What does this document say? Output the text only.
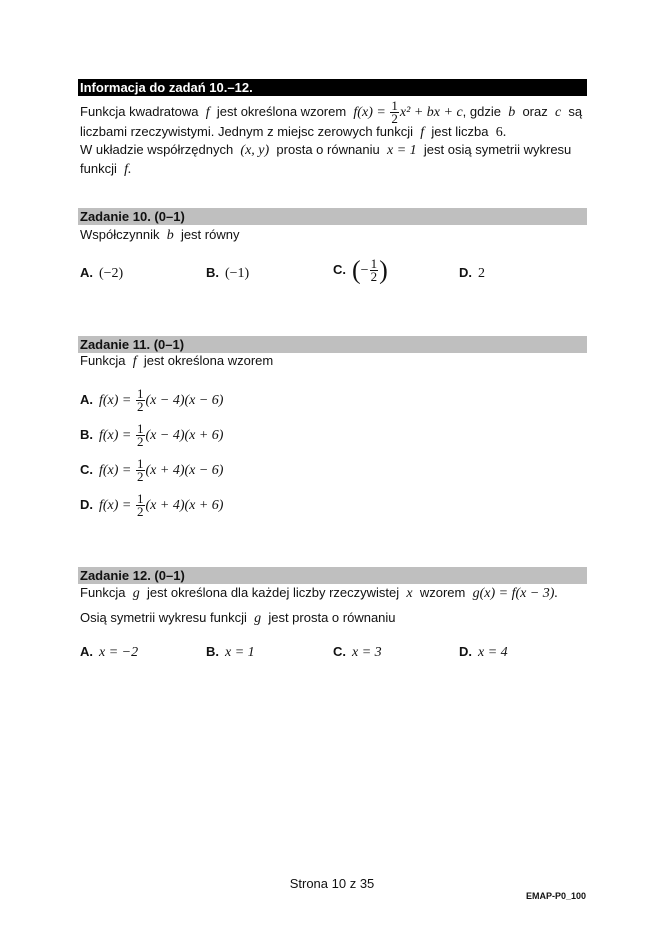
Informacja do zadań 10.–12.
Funkcja kwadratowa f jest określona wzorem $f(x) = \frac{1}{2} x^2$ + bx + c, gdzie b oraz c są
liczbami rzeczywistymi. Jednym z miejsc zerowych funkcji f jest liczba 6.
W układzie współrzędnych (x, y) prosta o równaniu x = 1 jest osią symetrii wykresu
funkcji f.
Zadanie 10. (0–1)
Współczynnik b jest równy
A. (−2)	B. (−1)	C. (− $\frac{1}{2}$ )	D. 2
Zadanie 11. (0–1)
Funkcja f jest określona wzorem
A. $f(x) = \frac{1}{2} (x - 4)(x - 6)$
B. $f(x) = \frac{1}{2} (x - 4)(x + 6)$
C. $f(x) = \frac{1}{2} (x + 4)(x - 6)$
D. $f(x) = \frac{1}{2} (x + 4)(x + 6)$
Zadanie 12. (0–1)
Funkcja g jest określona dla każdej liczby rzeczywistej x wzorem g(x) = f(x − 3).
Osią symetrii wykresu funkcji g jest prosta o równaniu
A. x = −2	B. x = 1	C. x = 3	D. x = 4
Strona 10 z 35
EMAP-P0_100
